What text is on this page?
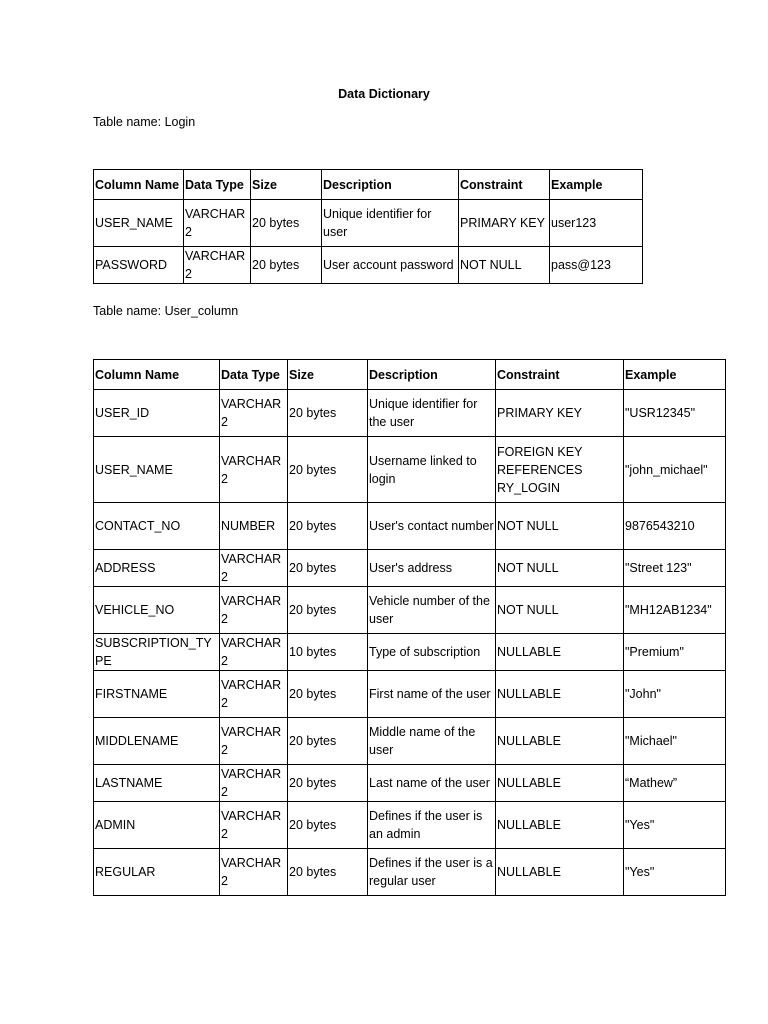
Data Dictionary
Table name: Login
Column Name	Data Type	Size	Description	Constraint	Example
USER_NAME	VARCHAR2	20 bytes	Unique identifier for user	PRIMARY KEY	user123
PASSWORD	VARCHAR2	20 bytes	User account password	NOT NULL	pass@123
Table name: User_column
Column Name	Data Type	Size	Description	Constraint	Example
USER_ID	VARCHAR2	20 bytes	Unique identifier for the user	PRIMARY KEY	"USR12345"
USER_NAME	VARCHAR2	20 bytes	Username linked to login	FOREIGN KEY REFERENCES RY_LOGIN	"john_michael"
CONTACT_NO	NUMBER	20 bytes	User's contact number	NOT NULL	9876543210
ADDRESS	VARCHAR2	20 bytes	User's address	NOT NULL	"Street 123"
VEHICLE_NO	VARCHAR2	20 bytes	Vehicle number of the user	NOT NULL	"MH12AB1234"
SUBSCRIPTION_TYPE	VARCHAR2	10 bytes	Type of subscription	NULLABLE	"Premium"
FIRSTNAME	VARCHAR2	20 bytes	First name of the user	NULLABLE	"John"
MIDDLENAME	VARCHAR2	20 bytes	Middle name of the user	NULLABLE	"Michael"
LASTNAME	VARCHAR2	20 bytes	Last name of the user	NULLABLE	“Mathew”
ADMIN	VARCHAR2	20 bytes	Defines if the user is an admin	NULLABLE	"Yes"
REGULAR	VARCHAR2	20 bytes	Defines if the user is a regular user	NULLABLE	"Yes"
